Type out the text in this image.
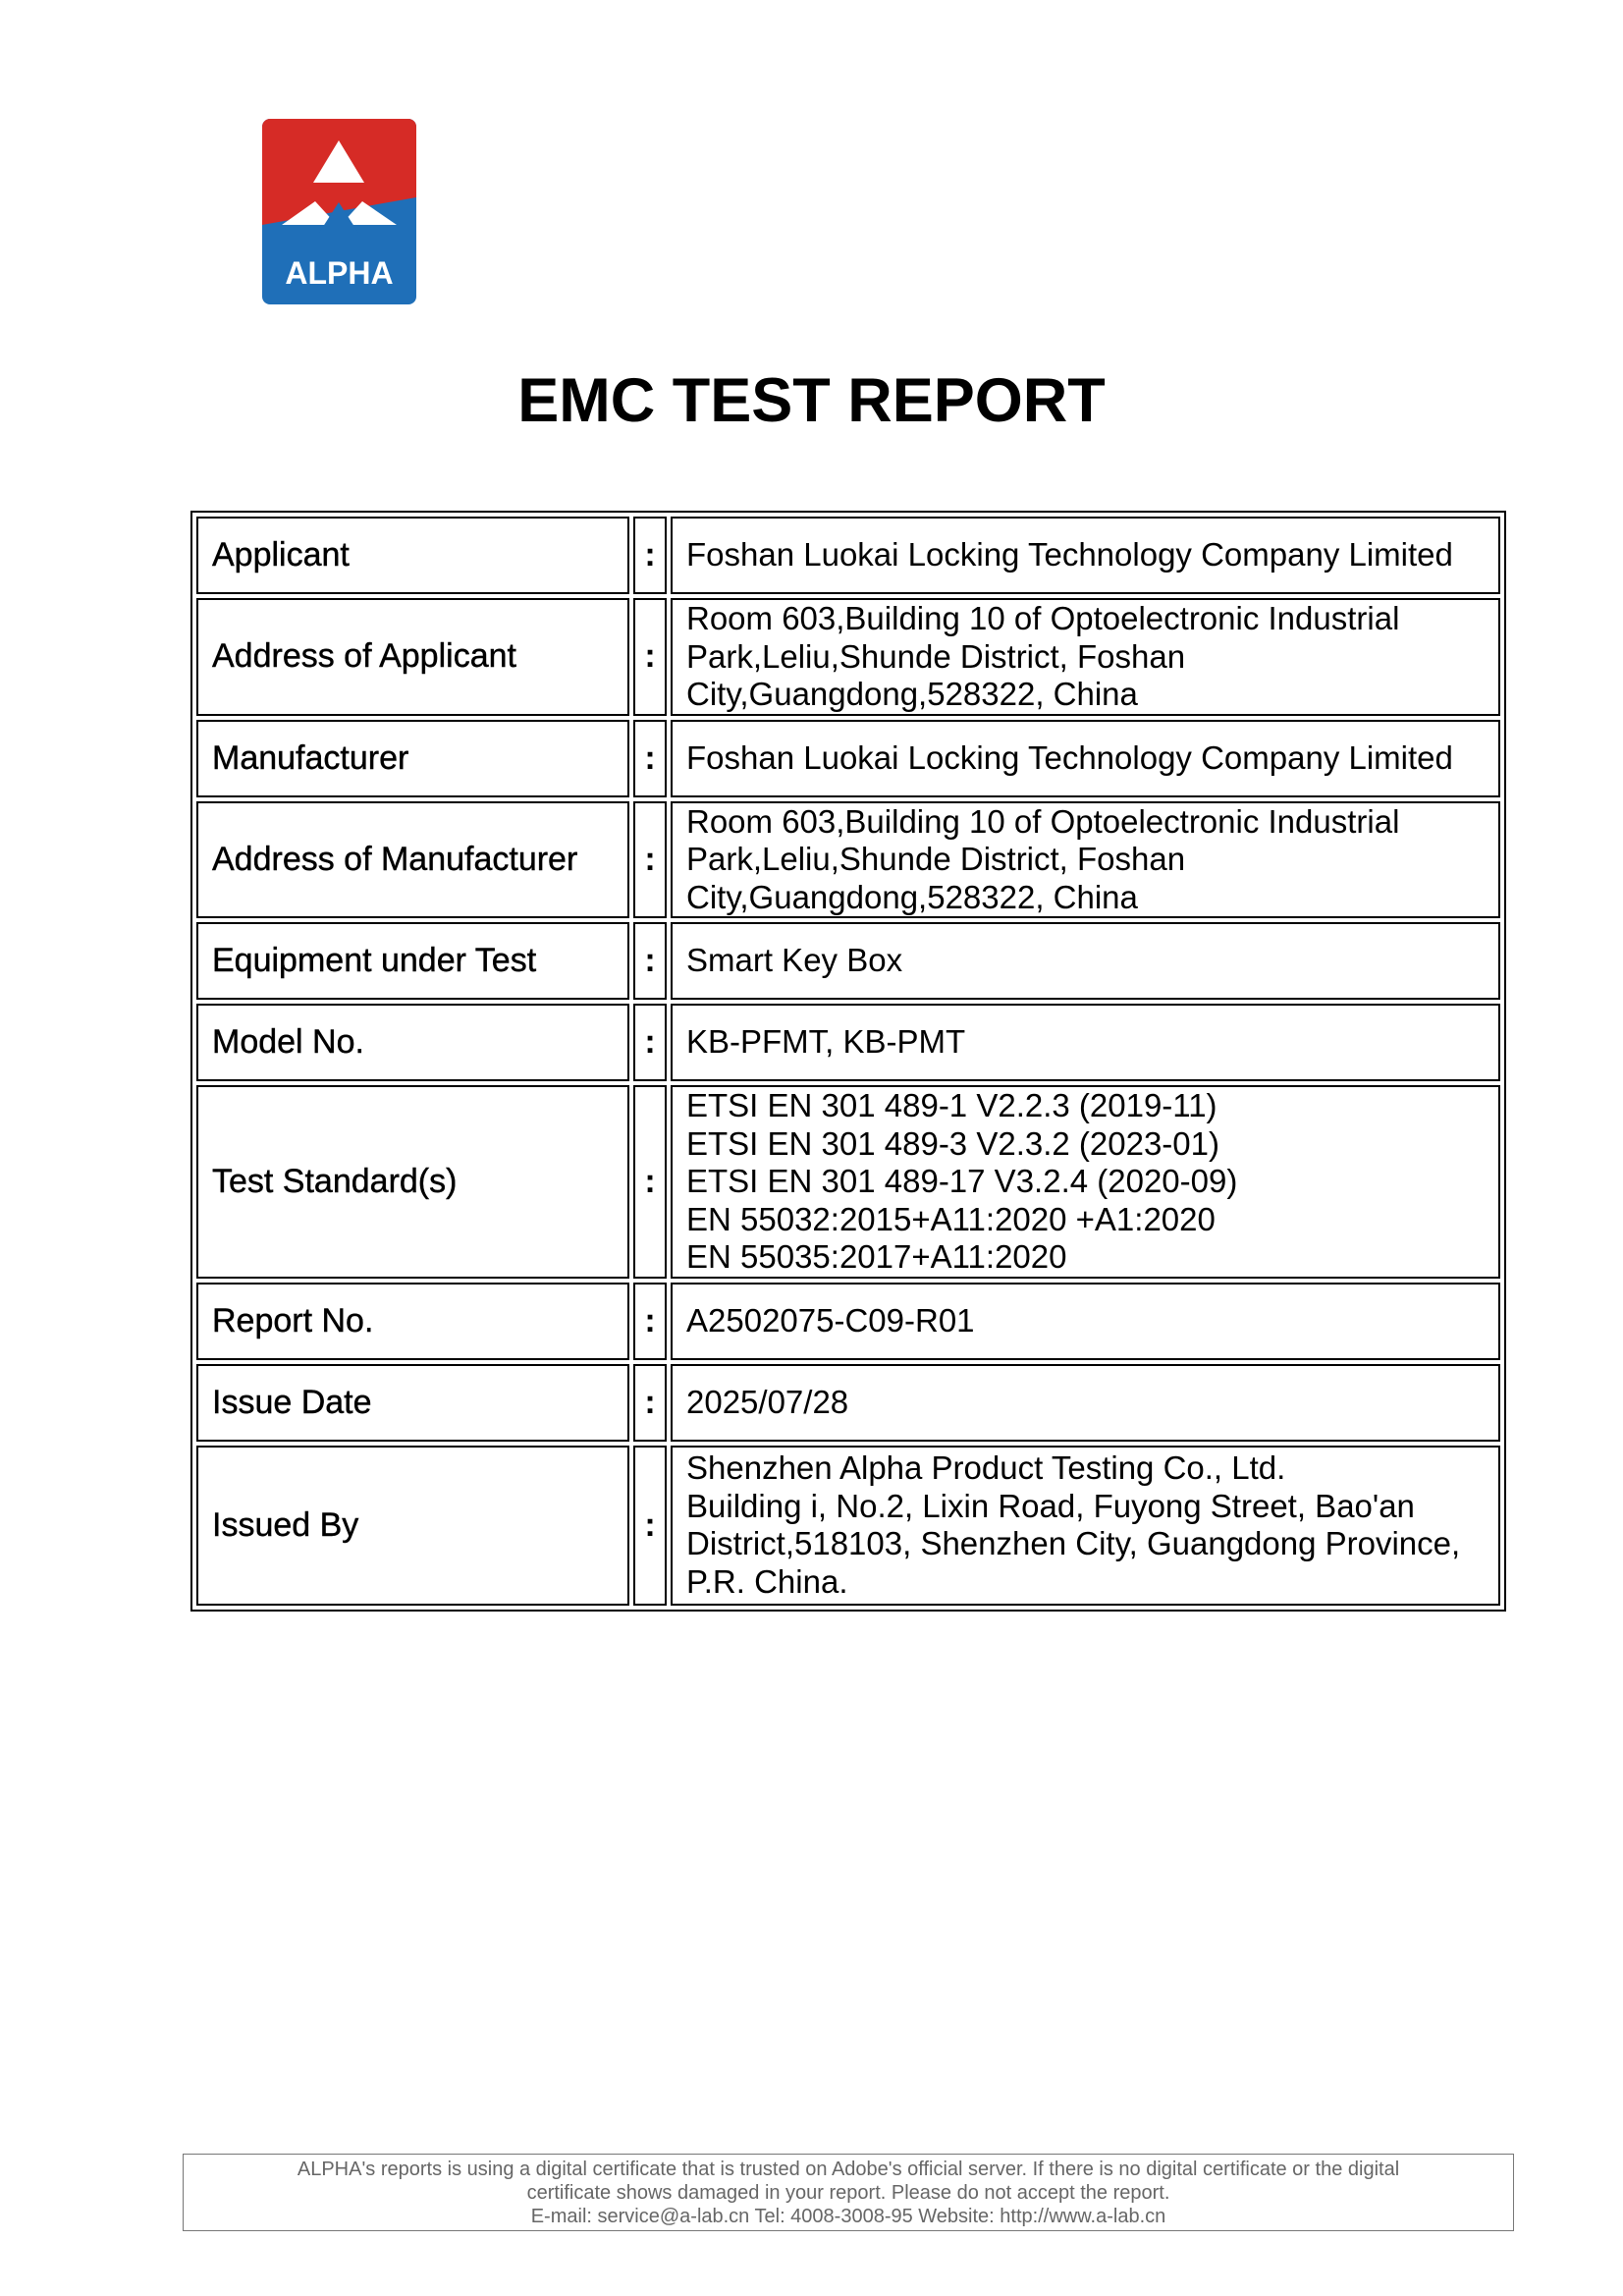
ALPHA
EMC TEST REPORT
Applicant	:	Foshan Luokai Locking Technology Company Limited

Address of Applicant	:	Room 603,Building 10 of Optoelectronic Industrial
Park,Leliu,Shunde District, Foshan
City,Guangdong,528322, China

Manufacturer	:	Foshan Luokai Locking Technology Company Limited

Address of Manufacturer	:	Room 603,Building 10 of Optoelectronic Industrial
Park,Leliu,Shunde District, Foshan
City,Guangdong,528322, China

Equipment under Test	:	Smart Key Box

Model No.	:	KB-PFMT, KB-PMT

Test Standard(s)	:	ETSI EN 301 489-1 V2.2.3 (2019-11)
ETSI EN 301 489-3 V2.3.2 (2023-01)
ETSI EN 301 489-17 V3.2.4 (2020-09)
EN 55032:2015+A11:2020 +A1:2020
EN 55035:2017+A11:2020

Report No.	:	A2502075-C09-R01

Issue Date	:	2025/07/28

Issued By	:	Shenzhen Alpha Product Testing Co., Ltd.
Building i, No.2, Lixin Road, Fuyong Street, Bao'an
District,518103, Shenzhen City, Guangdong Province,
P.R. China.
ALPHA's reports is using a digital certificate that is trusted on Adobe's official server. If there is no digital certificate or the digital
certificate shows damaged in your report. Please do not accept the report.
E-mail: service@a-lab.cn Tel: 4008-3008-95 Website: http://www.a-lab.cn
